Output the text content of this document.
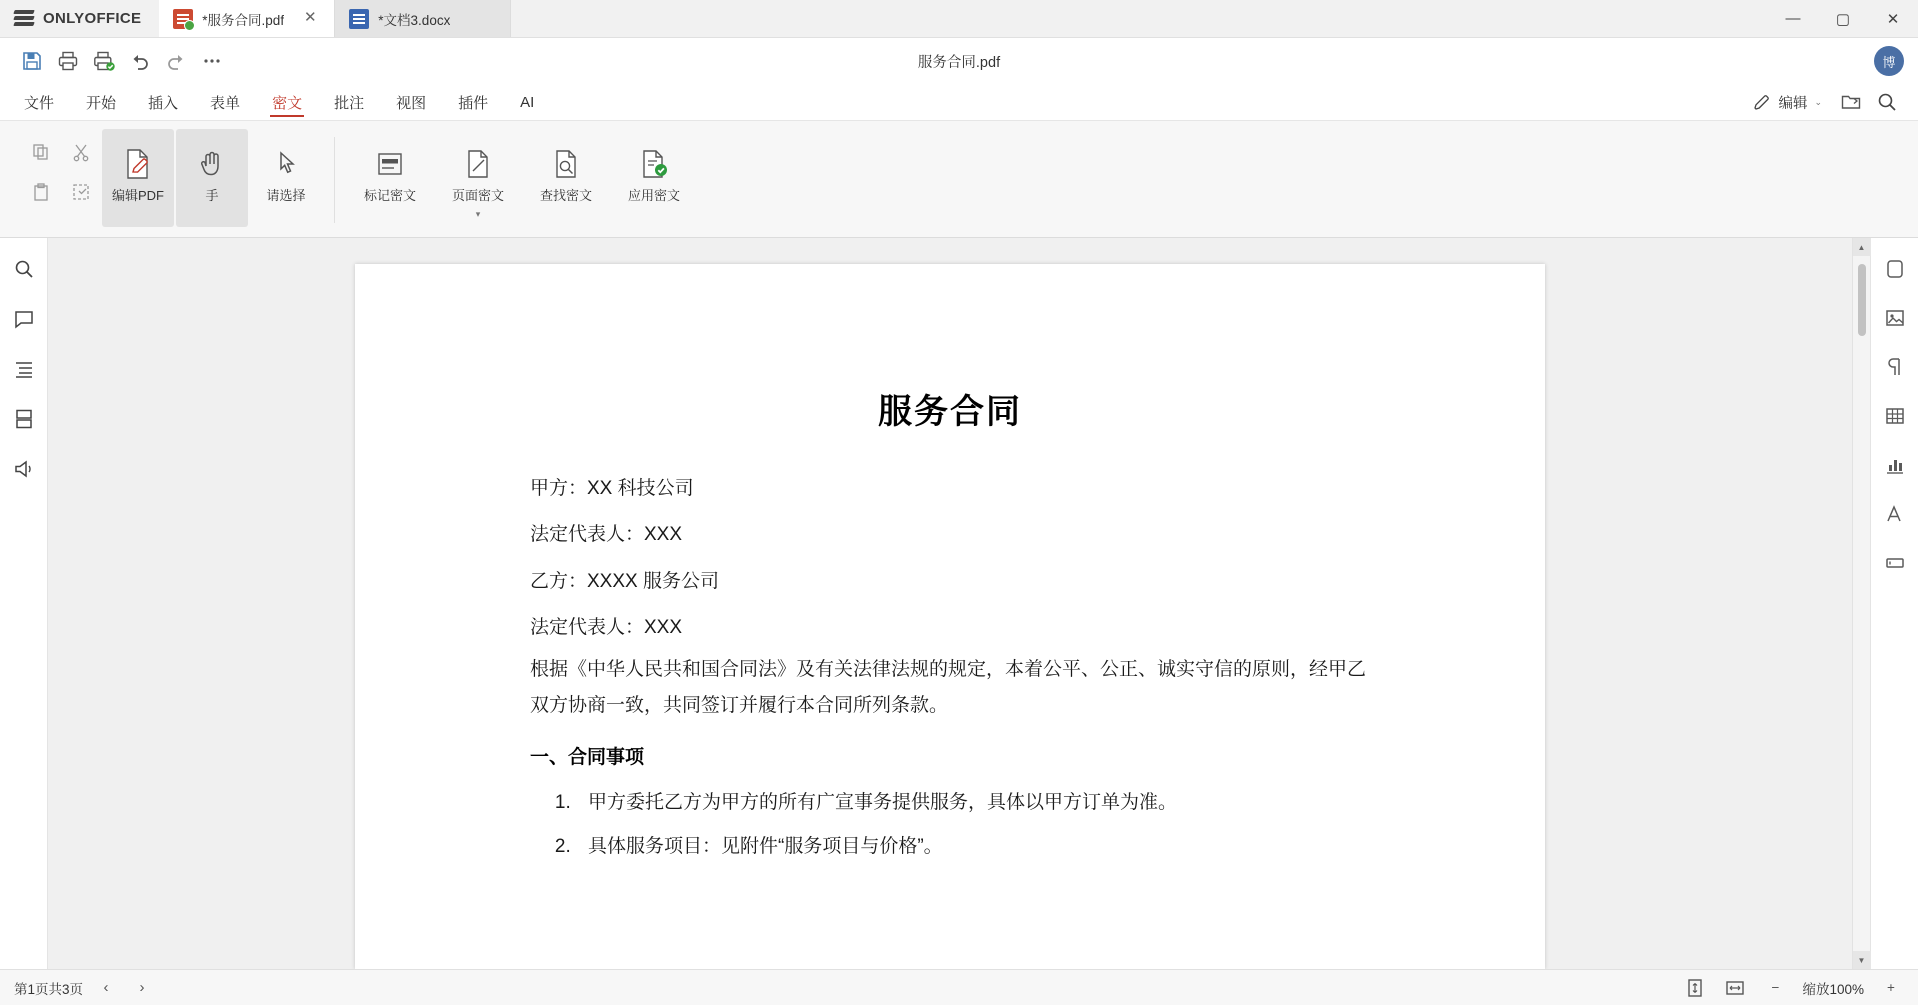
ONLYOFFICE	*服务合同.pdf ✕	*文档3.docx	—	▢	✕
服务合同.pdf	博
文件	开始	插入	表单	密文	批注	视图	插件	AI	编辑 ⌄
编辑PDF	手	请选择	标记密文	页面密文
▾
查找密文	应用密文
服务合同

甲方：XX 科技公司

法定代表人：XXX

乙方：XXXX 服务公司

法定代表人：XXX

根据《中华人民共和国合同法》及有关法律法规的规定，本着公平、公正、诚实守信的原则，经甲乙双方协商一致，共同签订并履行本合同所列条款。

一、合同事项
1. 甲方委托乙方为甲方的所有广宣事务提供服务，具体以甲方订单为准。
2. 具体服务项目：见附件“服务项目与价格”。
▲
▼
第1页共3页	‹	›	−	缩放100%	+
